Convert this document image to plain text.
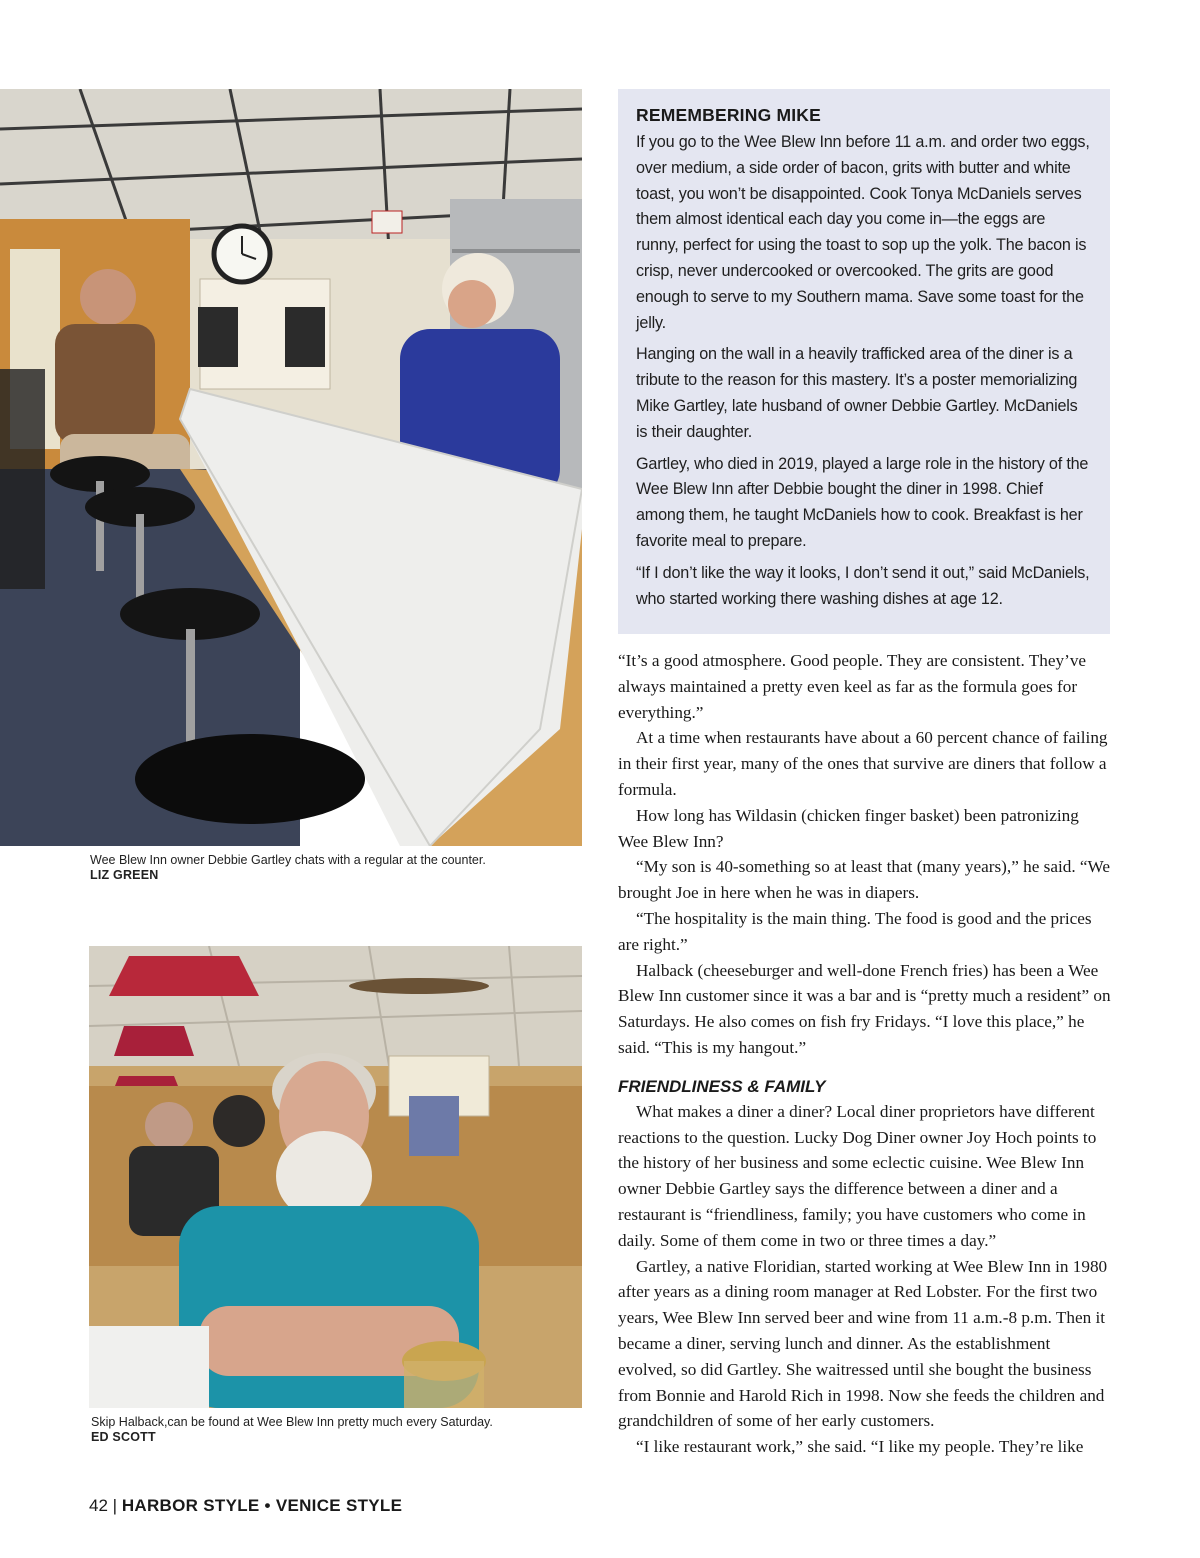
Wee Blew Inn owner Debbie Gartley chats with a regular at the counter.
LIZ GREEN
Skip Halback,can be found at Wee Blew Inn pretty much every Saturday.
ED SCOTT
REMEMBERING MIKE

If you go to the Wee Blew Inn before 11 a.m. and order two eggs, over medium, a side order of bacon, grits with butter and white toast, you won’t be disappointed. Cook Tonya McDaniels serves them almost identical each day you come in—the eggs are runny, perfect for using the toast to sop up the yolk. The bacon is crisp, never undercooked or overcooked. The grits are good enough to serve to my Southern mama. Save some toast for the jelly.

Hanging on the wall in a heavily trafficked area of the diner is a tribute to the reason for this mastery. It’s a poster memorializing Mike Gartley, late husband of owner Debbie Gartley. McDaniels is their daughter.

Gartley, who died in 2019, played a large role in the history of the Wee Blew Inn after Debbie bought the diner in 1998. Chief among them, he taught McDaniels how to cook. Breakfast is her favorite meal to prepare.

“If I don’t like the way it looks, I don’t send it out,” said McDaniels, who started working there washing dishes at age 12.

“It’s a good atmosphere. Good people. They are consistent. They’ve always maintained a pretty even keel as far as the formula goes for everything.”

At a time when restaurants have about a 60 percent chance of failing in their first year, many of the ones that survive are diners that follow a formula.

How long has Wildasin (chicken finger basket) been patronizing Wee Blew Inn?

“My son is 40-something so at least that (many years),” he said. “We brought Joe in here when he was in diapers.

“The hospitality is the main thing. The food is good and the prices are right.”

Halback (cheeseburger and well-done French fries) has been a Wee Blew Inn customer since it was a bar and is “pretty much a resident” on Saturdays. He also comes on fish fry Fridays. “I love this place,” he said. “This is my hangout.”

FRIENDLINESS & FAMILY

What makes a diner a diner? Local diner proprietors have different reactions to the question. Lucky Dog Diner owner Joy Hoch points to the history of her business and some eclectic cuisine. Wee Blew Inn owner Debbie Gartley says the difference between a diner and a restaurant is “friendliness, family; you have customers who come in daily. Some of them come in two or three times a day.”

Gartley, a native Floridian, started working at Wee Blew Inn in 1980 after years as a dining room manager at Red Lobster. For the first two years, Wee Blew Inn served beer and wine from 11 a.m.-8 p.m. Then it became a diner, serving lunch and dinner. As the establishment evolved, so did Gartley. She waitressed until she bought the business from Bonnie and Harold Rich in 1998. Now she feeds the children and grandchildren of some of her early customers.

“I like restaurant work,” she said. “I like my people. They’re like

42 | HARBOR STYLE • VENICE STYLE
